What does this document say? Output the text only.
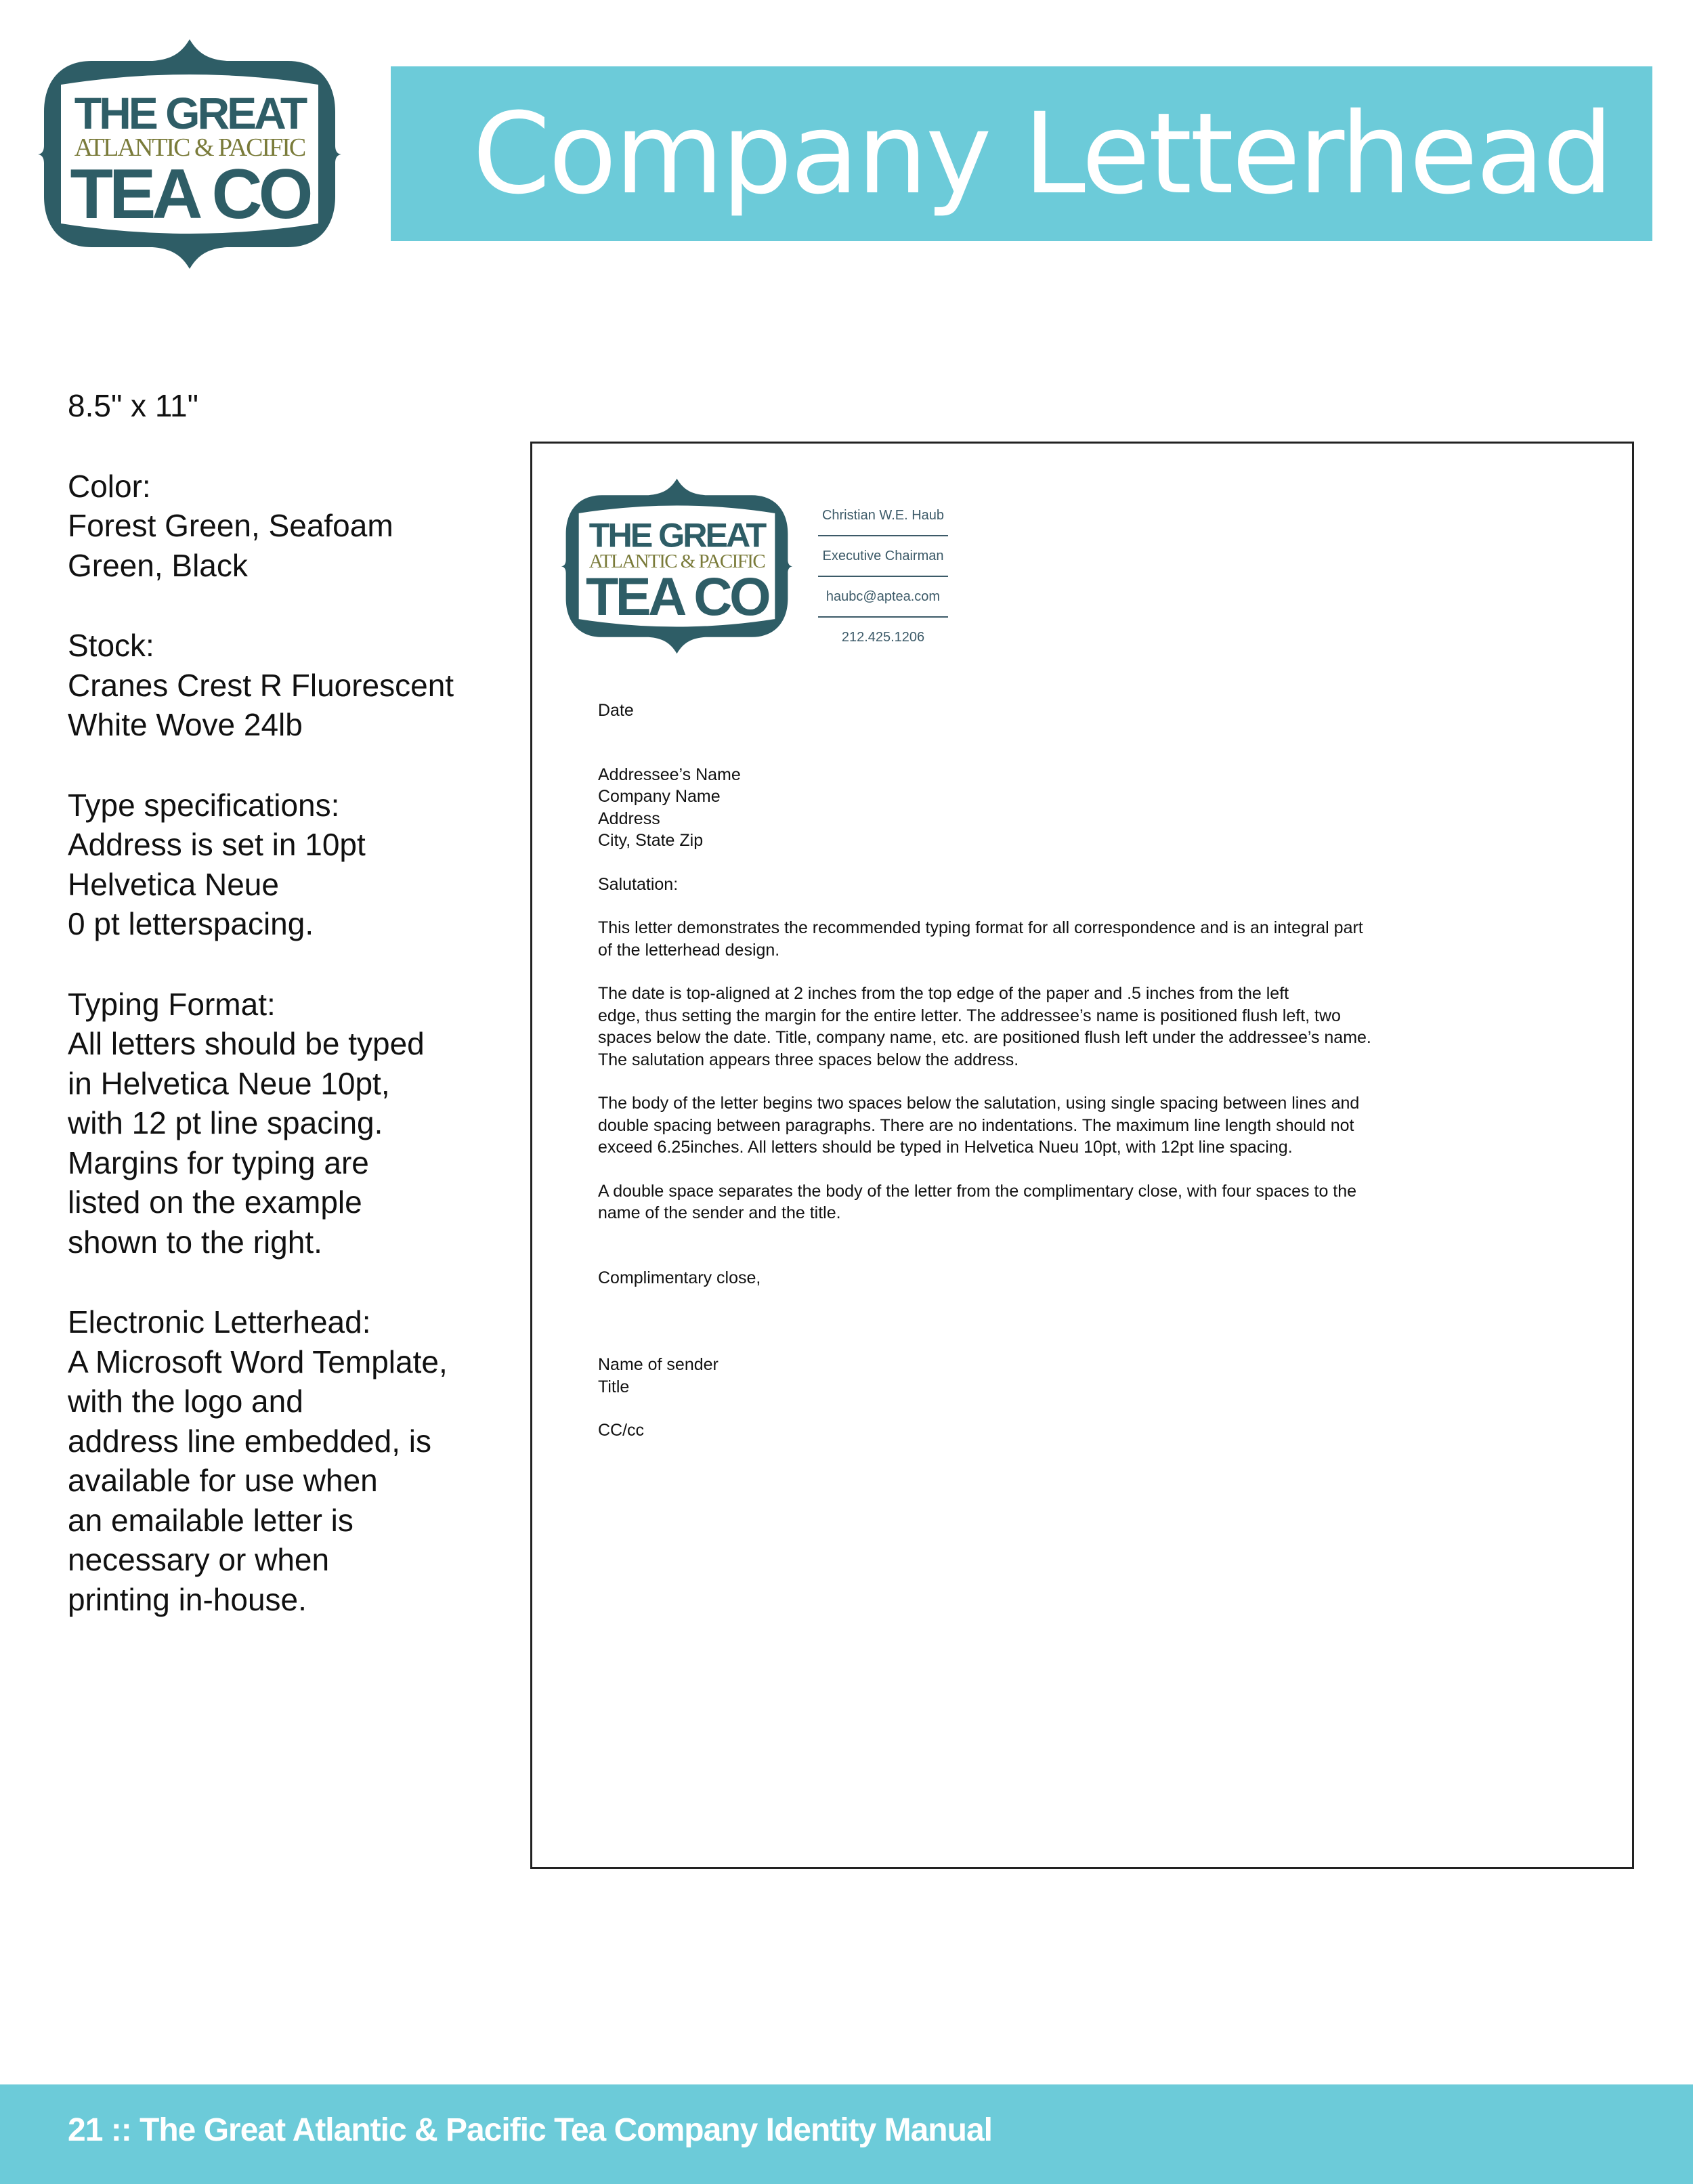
THE GREAT
ATLANTIC & PACIFIC
TEA CO	Company Letterhead
8.5" x 11"
Color:
Forest Green, Seafoam
Green, Black
Stock:
Cranes Crest R Fluorescent
White Wove 24lb
Type specifications:
Address is set in 10pt
Helvetica Neue
0 pt letterspacing.
Typing Format:
All letters should be typed
in Helvetica Neue 10pt,
with 12 pt line spacing.
Margins for typing are
listed on the example
shown to the right.
Electronic Letterhead:
A Microsoft Word Template,
with the logo and
address line embedded, is
available for use when
an emailable letter is
necessary or when
printing in-house.
THE GREAT
ATLANTIC & PACIFIC
TEA CO
Christian W.E. Haub
Executive Chairman
haubc@aptea.com
212.425.1206
Date
Addressee’s Name
Company Name
Address
City, State Zip
Salutation:
This letter demonstrates the recommended typing format for all correspondence and is an integral part
of the letterhead design.
The date is top-aligned at 2 inches from the top edge of the paper and .5 inches from the left
edge, thus setting the margin for the entire letter. The addressee’s name is positioned flush left, two
spaces below the date. Title, company name, etc. are positioned flush left under the addressee’s name.
The salutation appears three spaces below the address.
The body of the letter begins two spaces below the salutation, using single spacing between lines and
double spacing between paragraphs. There are no indentations. The maximum line length should not
exceed 6.25inches. All letters should be typed in Helvetica Nueu 10pt, with 12pt line spacing.
A double space separates the body of the letter from the complimentary close, with four spaces to the
name of the sender and the title.
Complimentary close,
Name of sender
Title
CC/cc
21 :: The Great Atlantic & Pacific Tea Company Identity Manual
